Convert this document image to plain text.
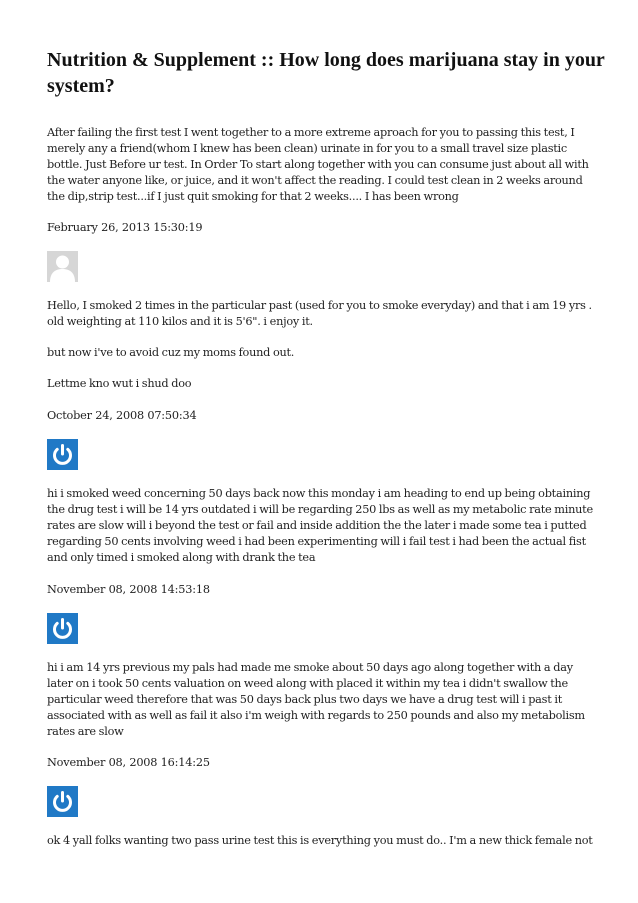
Nutrition & Supplement :: How long does marijuana stay in your system?

After failing the first test I went together to a more extreme aproach for you to passing this test, I merely any a friend(whom I knew has been clean) urinate in for you to a small travel size plastic bottle. Just Before ur test. In Order To start along together with you can consume just about all with the water anyone like, or juice, and it won't affect the reading. I could test clean in 2 weeks around the dip,strip test...if I just quit smoking for that 2 weeks.... I has been wrong

February 26, 2013 15:30:19

Hello, I smoked 2 times in the particular past (used for you to smoke everyday) and that i am 19 yrs . old weighting at 110 kilos and it is 5'6". i enjoy it.

but now i've to avoid cuz my moms found out.

Lettme kno wut i shud doo

October 24, 2008 07:50:34

hi i smoked weed concerning 50 days back now this monday i am heading to end up being obtaining the drug test i will be 14 yrs outdated i will be regarding 250 lbs as well as my metabolic rate minute rates are slow will i beyond the test or fail and inside addition the the later i made some tea i putted regarding 50 cents involving weed i had been experimenting will i fail test i had been the actual fist and only timed i smoked along with drank the tea

November 08, 2008 14:53:18

hi i am 14 yrs previous my pals had made me smoke about 50 days ago along together with a day later on i took 50 cents valuation on weed along with placed it within my tea i didn't swallow the particular weed therefore that was 50 days back plus two days we have a drug test will i past it associated with as well as fail it also i'm weigh with regards to 250 pounds and also my metabolism rates are slow

November 08, 2008 16:14:25

ok 4 yall folks wanting two pass urine test this is everything you must do.. I'm a new thick female not
